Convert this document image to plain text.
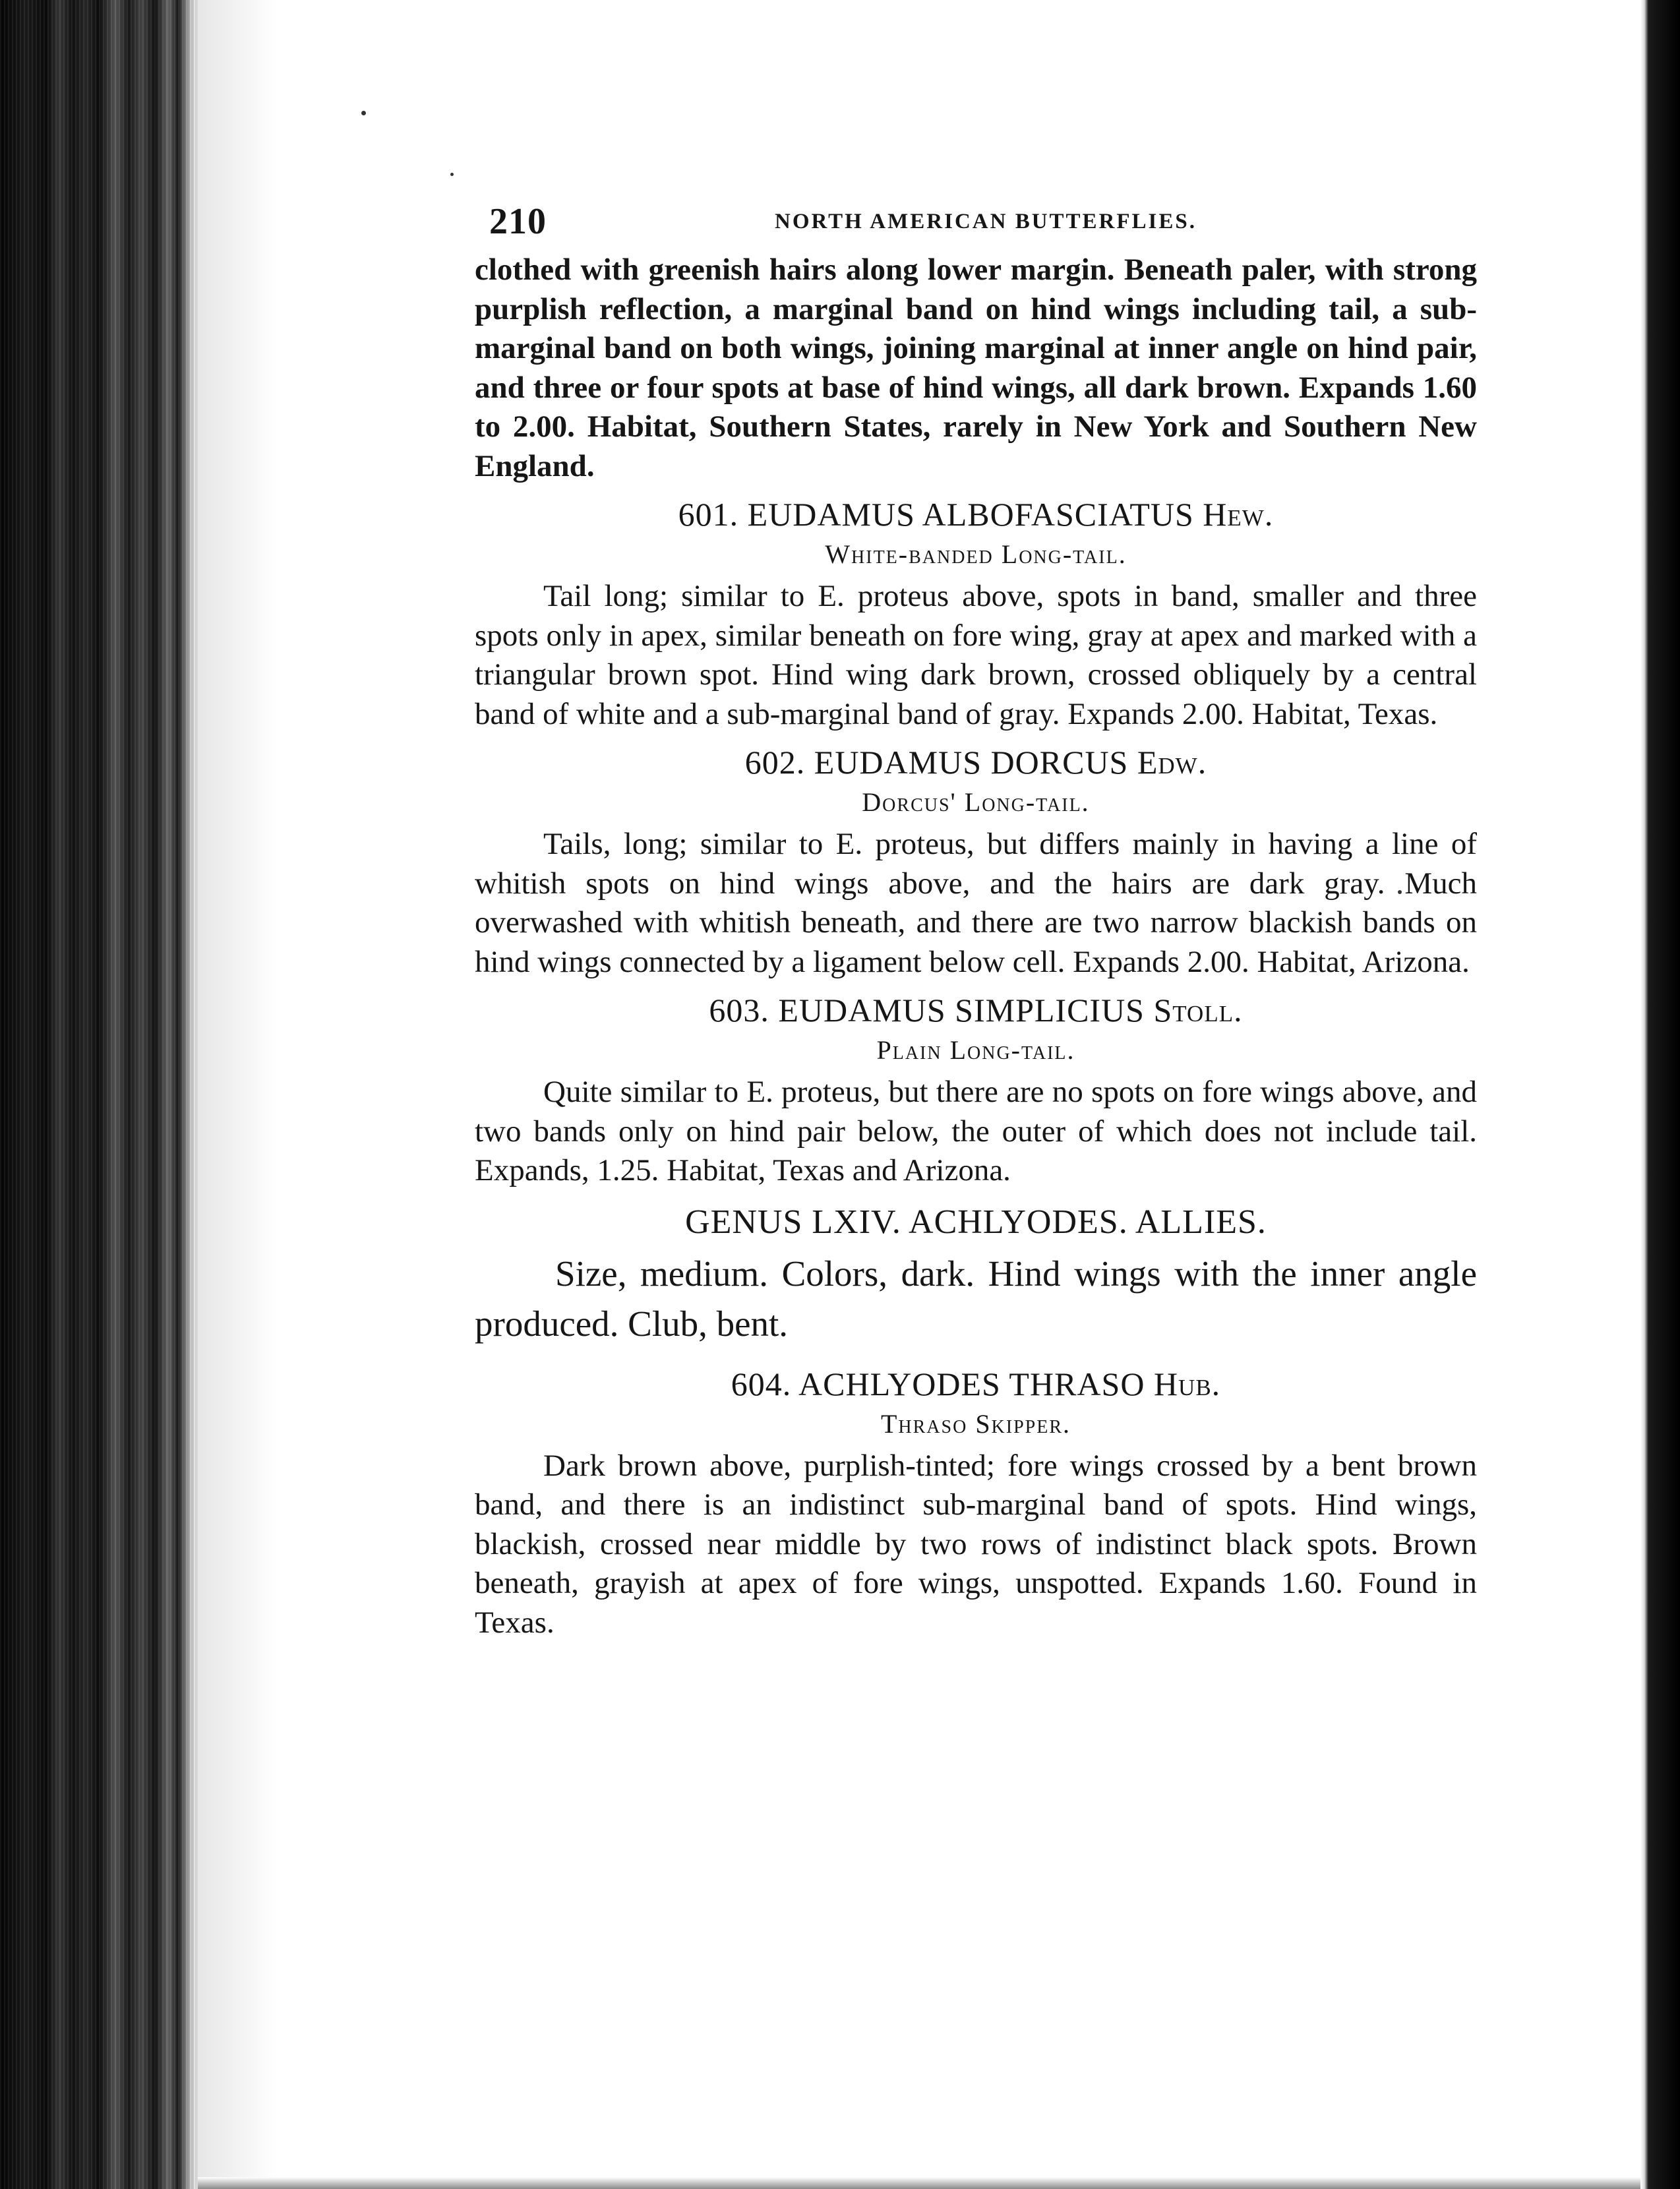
210	NORTH AMERICAN BUTTERFLIES.

clothed with greenish hairs along lower margin. Beneath paler, with strong purplish reflection, a marginal band on hind wings including tail, a sub-marginal band on both wings, joining marginal at inner angle on hind pair, and three or four spots at base of hind wings, all dark brown. Expands 1.60 to 2.00. Habitat, Southern States, rarely in New York and Southern New England.

601. EUDAMUS ALBOFASCIATUS Hew.
White-banded Long-tail.

Tail long; similar to E. proteus above, spots in band, smaller and three spots only in apex, similar beneath on fore wing, gray at apex and marked with a triangular brown spot. Hind wing dark brown, crossed obliquely by a central band of white and a sub-marginal band of gray. Expands 2.00. Habitat, Texas.

602. EUDAMUS DORCUS Edw.
Dorcus' Long-tail.

Tails, long; similar to E. proteus, but differs mainly in having a line of whitish spots on hind wings above, and the hairs are dark gray. Much overwashed with whitish beneath, and there are two narrow blackish bands on hind wings connected by a ligament below cell. Expands 2.00. Habitat, Arizona.

603. EUDAMUS SIMPLICIUS Stoll.
Plain Long-tail.

Quite similar to E. proteus, but there are no spots on fore wings above, and two bands only on hind pair below, the outer of which does not include tail. Expands, 1.25. Habitat, Texas and Arizona.

GENUS LXIV. ACHLYODES. ALLIES.

Size, medium. Colors, dark. Hind wings with the inner angle produced. Club, bent.

604. ACHLYODES THRASO Hub.
Thraso Skipper.

Dark brown above, purplish-tinted; fore wings crossed by a bent brown band, and there is an indistinct sub-marginal band of spots. Hind wings, blackish, crossed near middle by two rows of indistinct black spots. Brown beneath, grayish at apex of fore wings, unspotted. Expands 1.60. Found in Texas.
